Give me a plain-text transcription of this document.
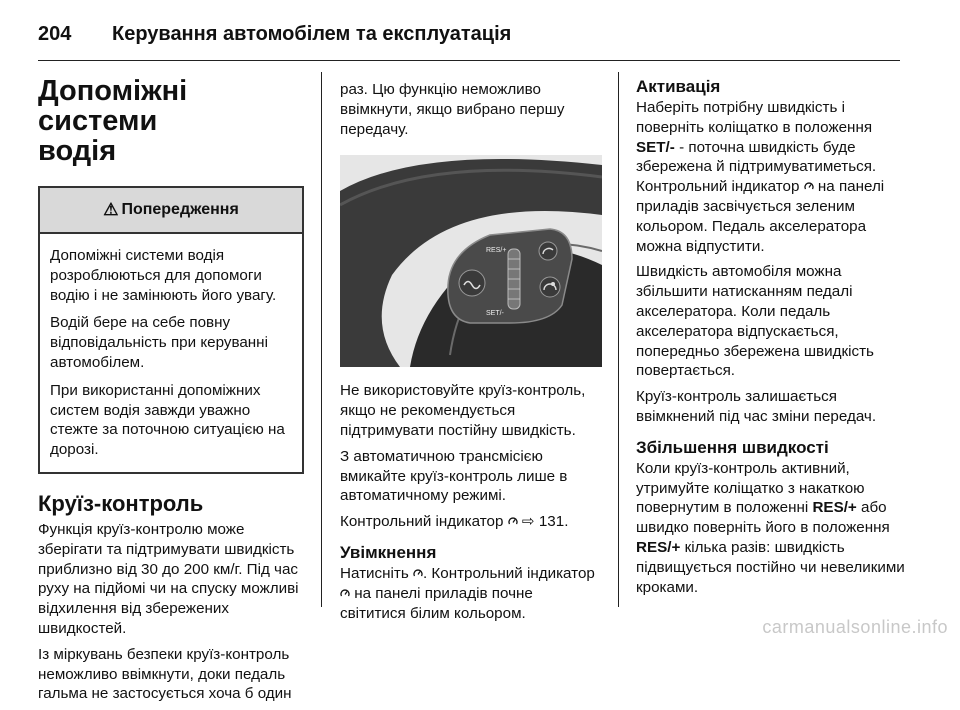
204	Керування автомобілем та експлуатація
Допоміжні системи
водія
⚠ Попередження

Допоміжні системи водія розроблюються для допомоги водію і не замінюють його увагу.

Водій бере на себе повну відповідальність при керуванні автомобілем.

При використанні допоміжних систем водія завжди уважно стежте за поточною ситуацією на дорозі.

Круїз-контроль

Функція круїз-контролю може зберігати та підтримувати швидкість приблизно від 30 до 200 км/г. Під час руху на підйомі чи на спуску можливі відхилення від збережених швидкостей.

Із міркувань безпеки круїз-контроль неможливо ввімкнути, доки педаль гальма не застосується хоча б один

раз. Цю функцію неможливо ввімкнути, якщо вибрано першу передачу.

RES/+
SET/-

Не використовуйте круїз-контроль, якщо не рекомендується підтримувати постійну швидкість.

З автоматичною трансмісією вмикайте круїз-контроль лише в автоматичному режимі.

Контрольний індикатор ⇨ 131.

Увімкнення

Натисніть . Контрольний індикатор
на панелі приладів почне світитися білим кольором.

Активація

Наберіть потрібну швидкість і поверніть коліщатко в положення SET/- - поточна швидкість буде збережена й підтримуватиметься. Контрольний індикатор на панелі приладів засвічується зеленим кольором. Педаль акселератора можна відпустити.

Швидкість автомобіля можна збільшити натисканням педалі акселератора. Коли педаль акселератора відпускається, попередньо збережена швидкість повертається.

Круїз-контроль залишається ввімкнений під час зміни передач.

Збільшення швидкості

Коли круїз-контроль активний, утримуйте коліщатко з накаткою повернутим в положенні RES/+ або швидко поверніть його в положення RES/+ кілька разів: швидкість підвищується постійно чи невеликими кроками.

carmanualsonline.info
